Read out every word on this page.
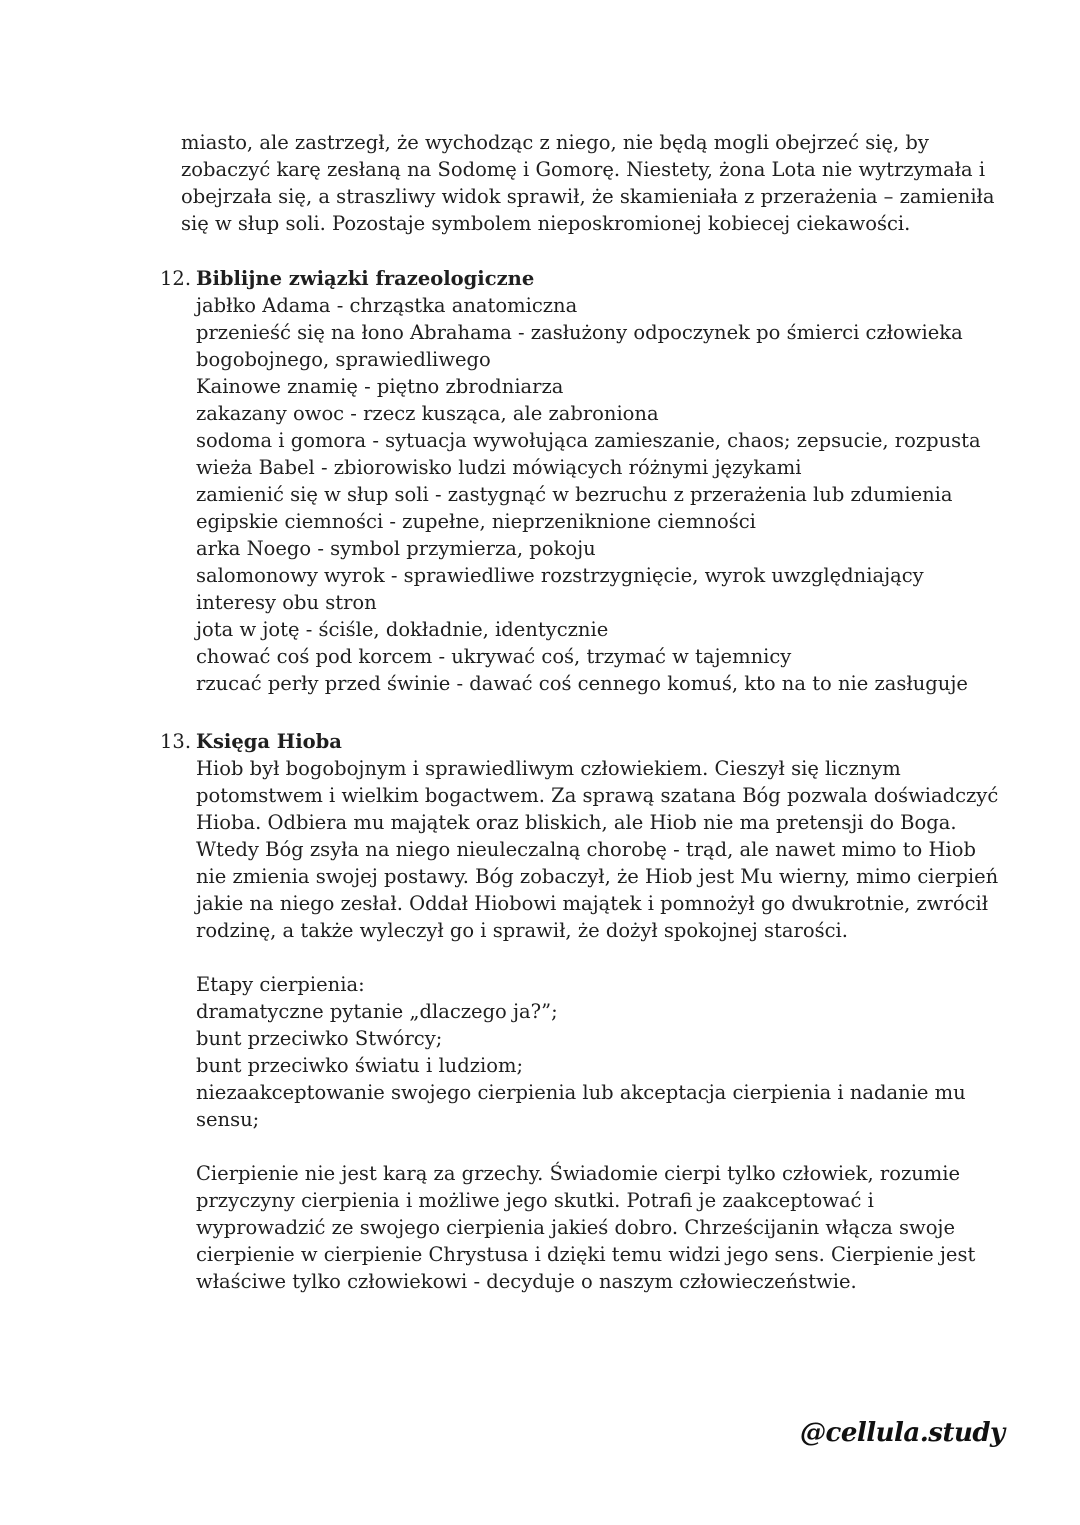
miasto, ale zastrzegł, że wychodząc z niego, nie będą mogli obejrzeć się, by
zobaczyć karę zesłaną na Sodomę i Gomorę. Niestety, żona Lota nie wytrzymała i
obejrzała się, a straszliwy widok sprawił, że skamieniała z przerażenia – zamieniła
się w słup soli. Pozostaje symbolem nieposkromionej kobiecej ciekawości.
12. Biblijne związki frazeologiczne
jabłko Adama - chrząstka anatomiczna
przenieść się na łono Abrahama - zasłużony odpoczynek po śmierci człowieka
bogobojnego, sprawiedliwego
Kainowe znamię - piętno zbrodniarza
zakazany owoc - rzecz kusząca, ale zabroniona
sodoma i gomora - sytuacja wywołująca zamieszanie, chaos; zepsucie, rozpusta
wieża Babel - zbiorowisko ludzi mówiących różnymi językami
zamienić się w słup soli - zastygnąć w bezruchu z przerażenia lub zdumienia
egipskie ciemności - zupełne, nieprzeniknione ciemności
arka Noego - symbol przymierza, pokoju
salomonowy wyrok - sprawiedliwe rozstrzygnięcie, wyrok uwzględniający
interesy obu stron
jota w jotę - ściśle, dokładnie, identycznie
chować coś pod korcem - ukrywać coś, trzymać w tajemnicy
rzucać perły przed świnie - dawać coś cennego komuś, kto na to nie zasługuje
13. Księga Hioba
Hiob był bogobojnym i sprawiedliwym człowiekiem. Cieszył się licznym
potomstwem i wielkim bogactwem. Za sprawą szatana Bóg pozwala doświadczyć
Hioba. Odbiera mu majątek oraz bliskich, ale Hiob nie ma pretensji do Boga.
Wtedy Bóg zsyła na niego nieuleczalną chorobę - trąd, ale nawet mimo to Hiob
nie zmienia swojej postawy. Bóg zobaczył, że Hiob jest Mu wierny, mimo cierpień
jakie na niego zesłał. Oddał Hiobowi majątek i pomnożył go dwukrotnie, zwrócił
rodzinę, a także wyleczył go i sprawił, że dożył spokojnej starości.
Etapy cierpienia:
dramatyczne pytanie „dlaczego ja?”;
bunt przeciwko Stwórcy;
bunt przeciwko światu i ludziom;
niezaakceptowanie swojego cierpienia lub akceptacja cierpienia i nadanie mu
sensu;
Cierpienie nie jest karą za grzechy. Świadomie cierpi tylko człowiek, rozumie
przyczyny cierpienia i możliwe jego skutki. Potrafi je zaakceptować i
wyprowadzić ze swojego cierpienia jakieś dobro. Chrześcijanin włącza swoje
cierpienie w cierpienie Chrystusa i dzięki temu widzi jego sens. Cierpienie jest
właściwe tylko człowiekowi - decyduje o naszym człowieczeństwie.
@cellula.study
